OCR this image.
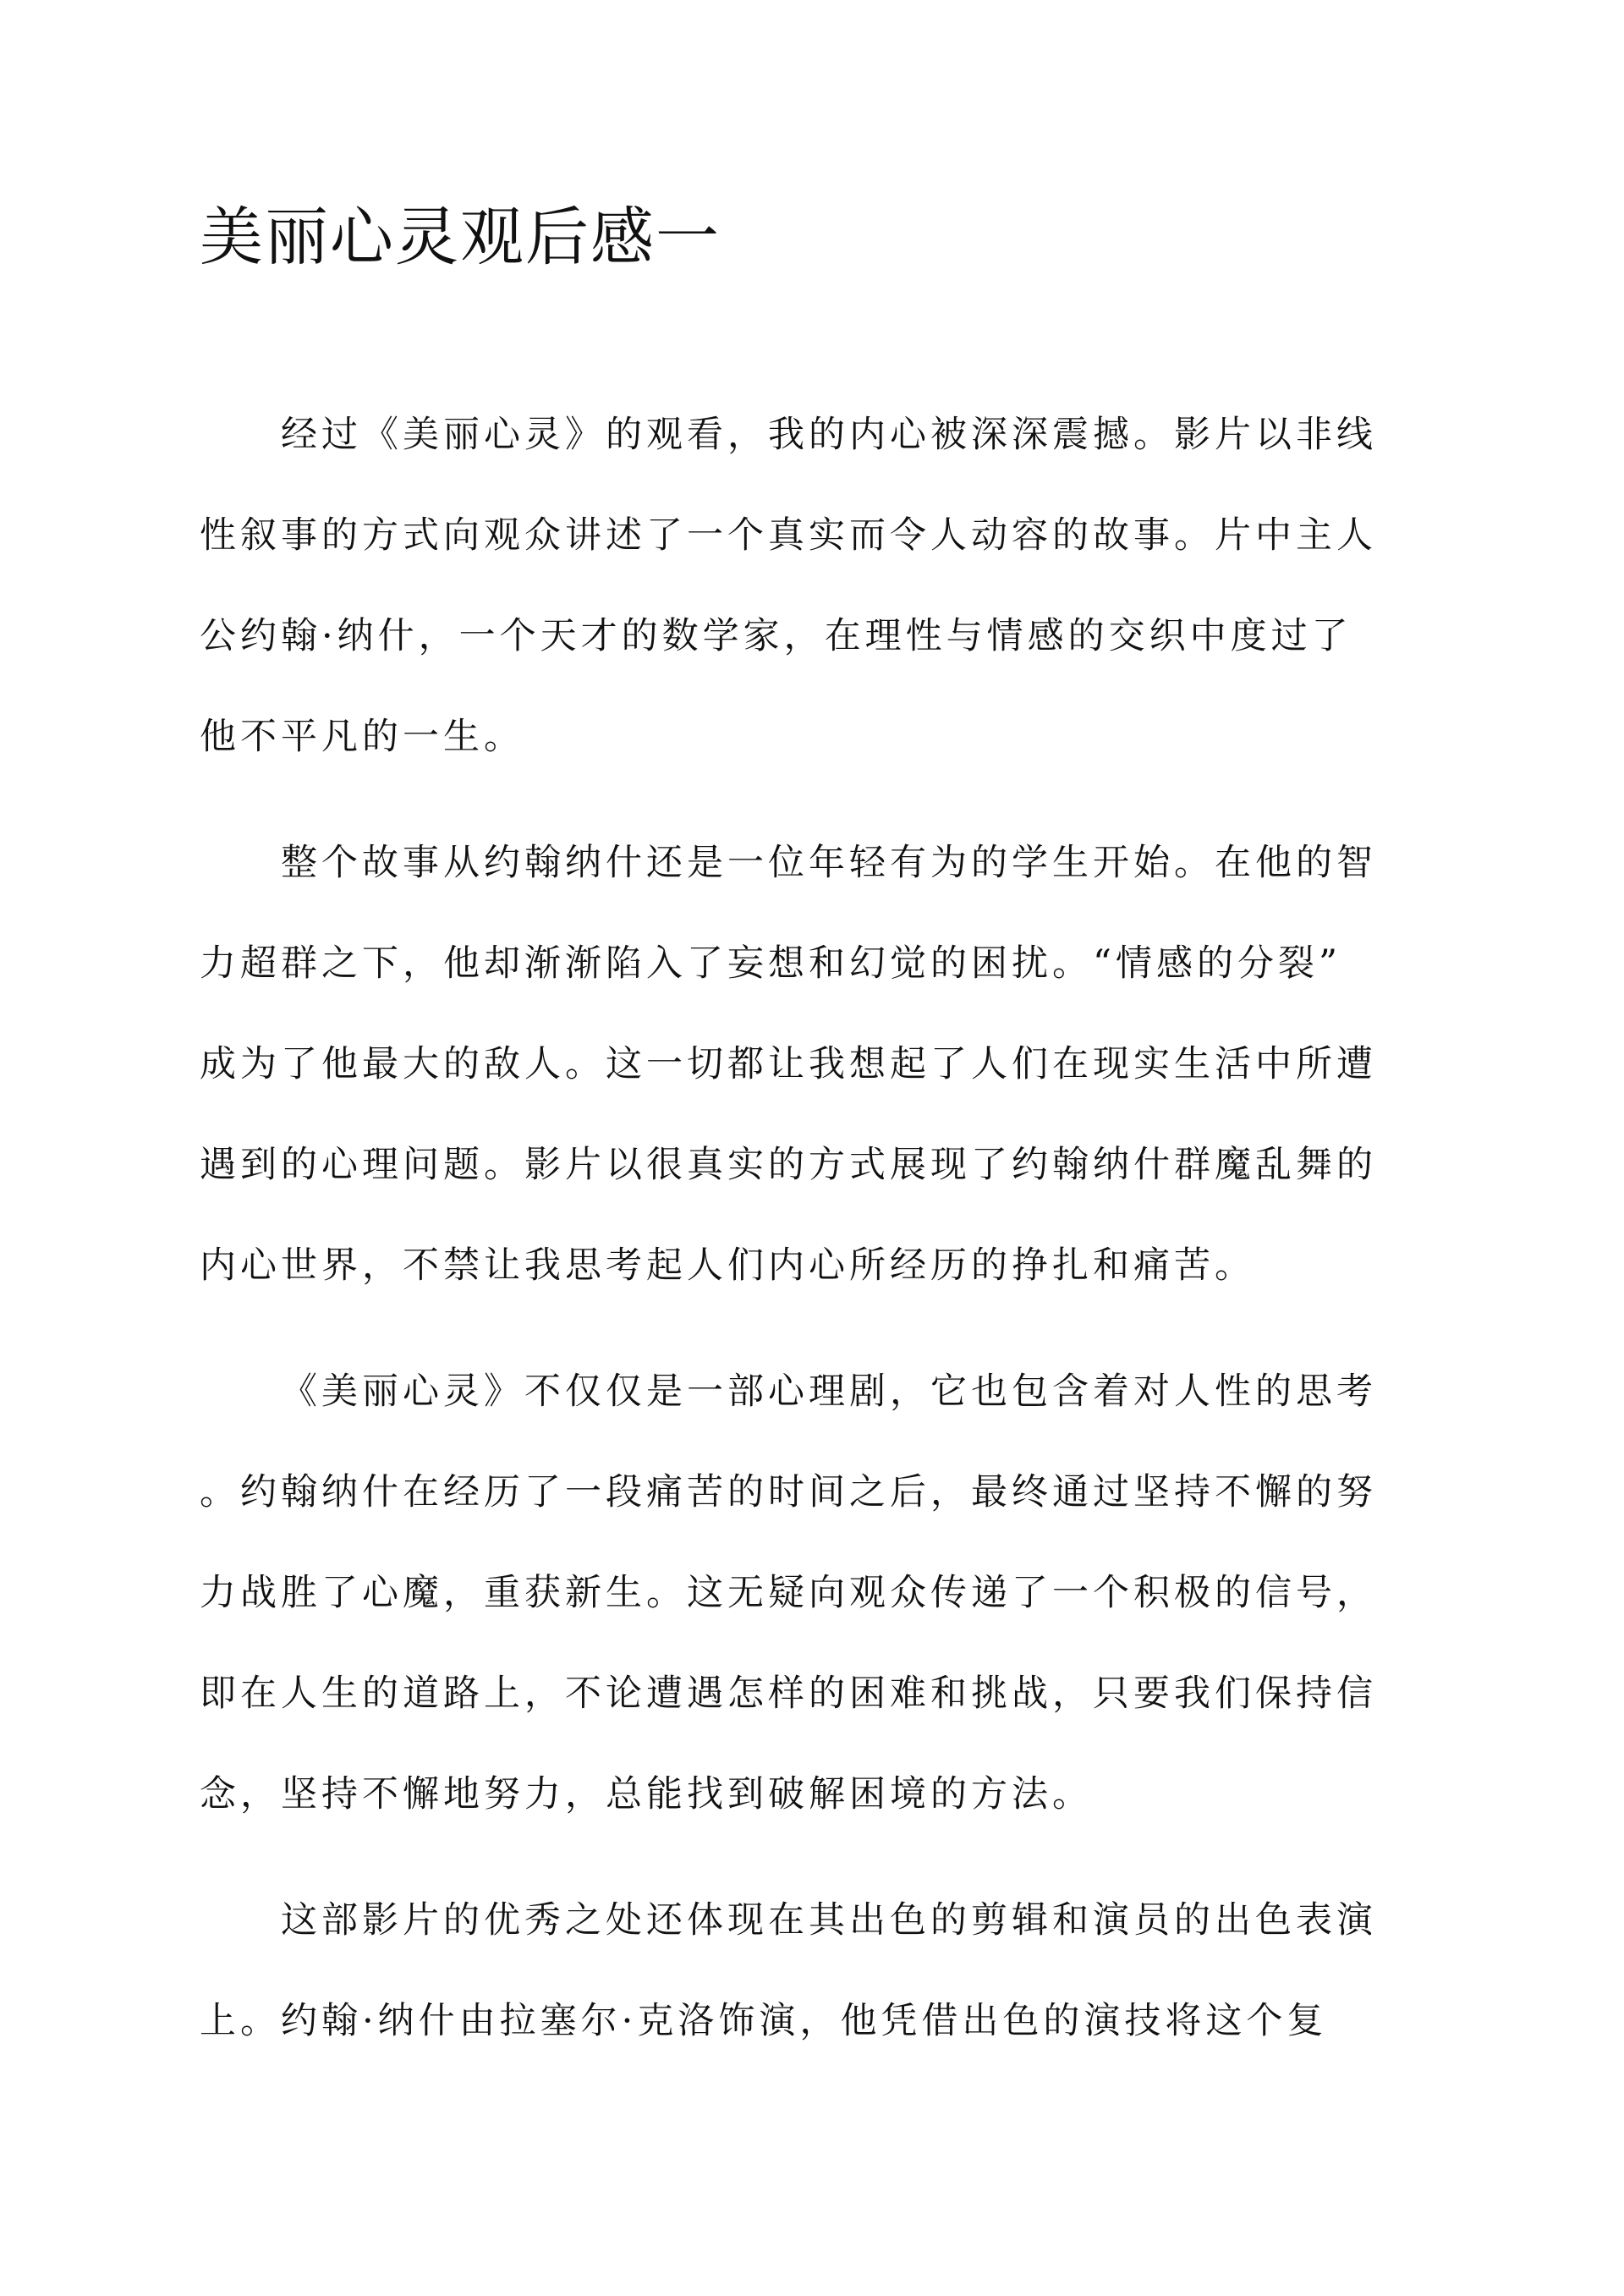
美丽心灵观后感一

经过《美丽心灵》的观看，我的内心被深深震撼。影片以非线
性叙事的方式向观众讲述了一个真实而令人动容的故事。片中主人
公约翰·纳什，一个天才的数学家，在理性与情感的交织中度过了
他不平凡的一生。

整个故事从约翰纳什还是一位年轻有为的学生开始。在他的智
力超群之下，他却渐渐陷入了妄想和幻觉的困扰。“情感的分裂”
成为了他最大的敌人。这一切都让我想起了人们在现实生活中所遭
遇到的心理问题。影片以很真实的方式展现了约翰纳什群魔乱舞的
内心世界，不禁让我思考起人们内心所经历的挣扎和痛苦。

《美丽心灵》不仅仅是一部心理剧，它也包含着对人性的思考
。约翰纳什在经历了一段痛苦的时间之后，最终通过坚持不懈的努
力战胜了心魔，重获新生。这无疑向观众传递了一个积极的信号，
即在人生的道路上，不论遭遇怎样的困难和挑战，只要我们保持信
念，坚持不懈地努力，总能找到破解困境的方法。

这部影片的优秀之处还体现在其出色的剪辑和演员的出色表演
上。约翰·纳什由拉塞尔·克洛饰演，他凭借出色的演技将这个复
